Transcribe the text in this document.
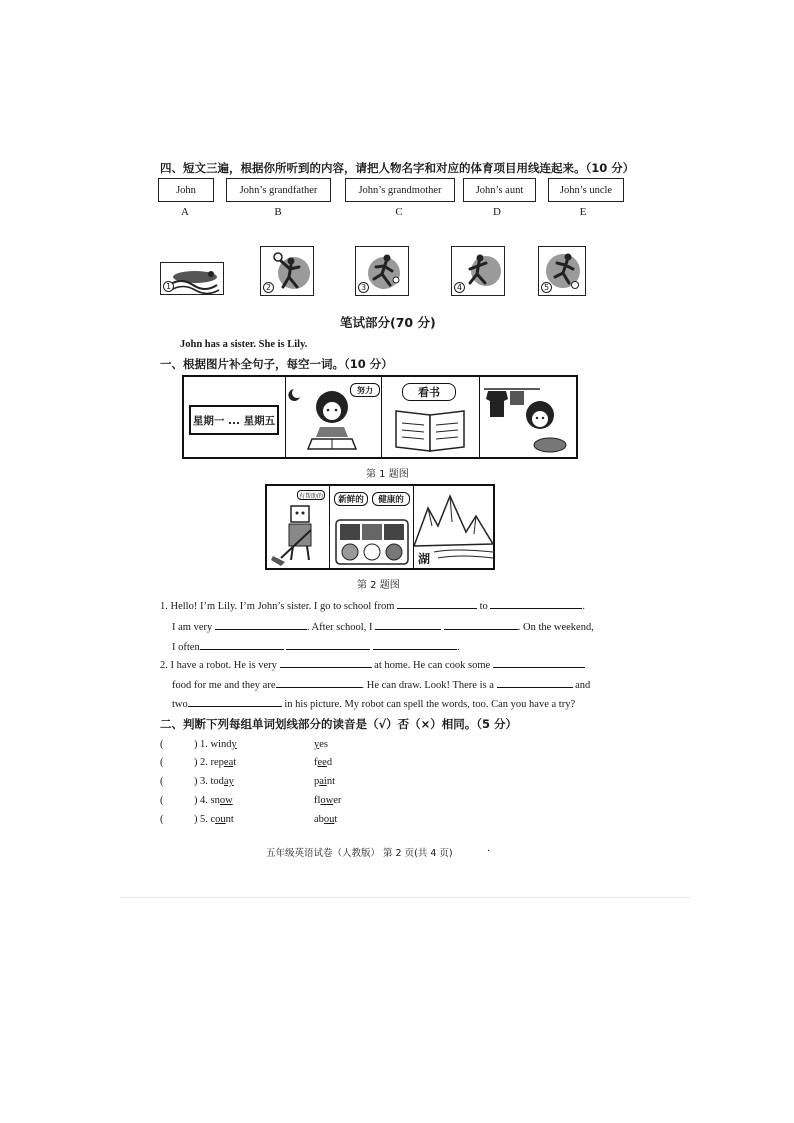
四、短文三遍，根据你所听到的内容，请把人物名字和对应的体育项目用线连起来。（10 分）
John	John’s grandfather	John’s grandmother	John’s aunt	John’s uncle
A	B	C	D	E
1	2	3	4	5
笔试部分(70 分)
John has a sister. She is Lily.
一、根据图片补全句子，每空一词。（10 分）
星期一 ... 星期五
努力	看书
第 1 题图
有帮助的	新鲜的	健康的
湖
第 2 题图
1. Hello! I’m Lily. I’m John’s sister. I go to school from	to	.
I am very	. After school, I	. On the weekend,
I often	.
2. I have a robot. He is very	at home. He can cook some
food for me and they are	. He can draw. Look! There is a	and
two	in his picture. My robot can spell the words, too. Can you have a try?
二、判断下列每组单词划线部分的读音是（√）否（×）相同。（5 分）
(	) 1. windy	yes
(	) 2. repeat	feed
(	) 3. today	paint
(	) 4. snow	flower
(	) 5. count	about
五年级英语试卷（人教版） 第 2 页(共 4 页)	.
